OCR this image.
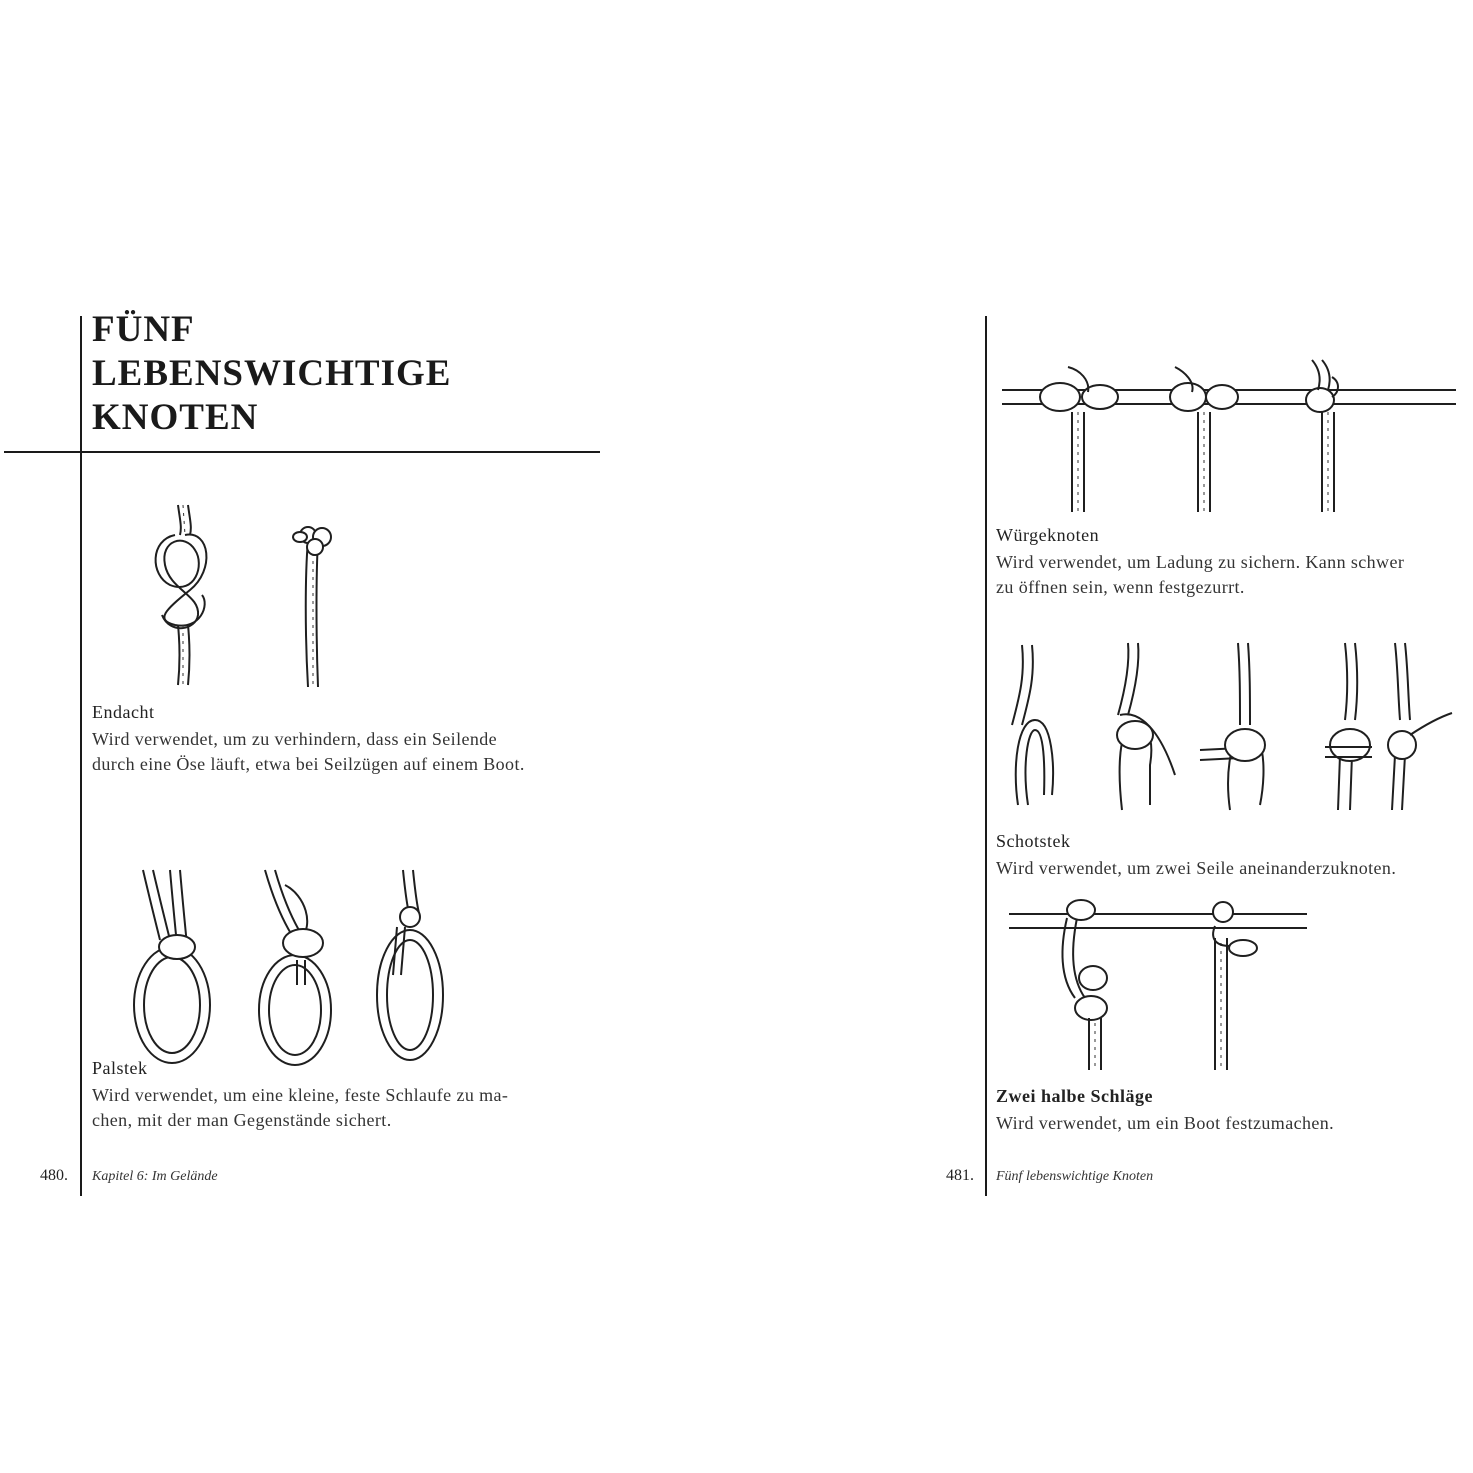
FÜNF
LEBENSWICHTIGE
KNOTEN
Endacht
Wird verwendet, um zu verhindern, dass ein Seilende
durch eine Öse läuft, etwa bei Seilzügen auf einem Boot.
Palstek
Wird verwendet, um eine kleine, feste Schlaufe zu ma-
chen, mit der man Gegenstände sichert.
480. Kapitel 6: Im Gelände
Würgeknoten
Wird verwendet, um Ladung zu sichern. Kann schwer
zu öffnen sein, wenn festgezurrt.
Schotstek
Wird verwendet, um zwei Seile aneinanderzuknoten.
Zwei halbe Schläge
Wird verwendet, um ein Boot festzumachen.
481. Fünf lebenswichtige Knoten
